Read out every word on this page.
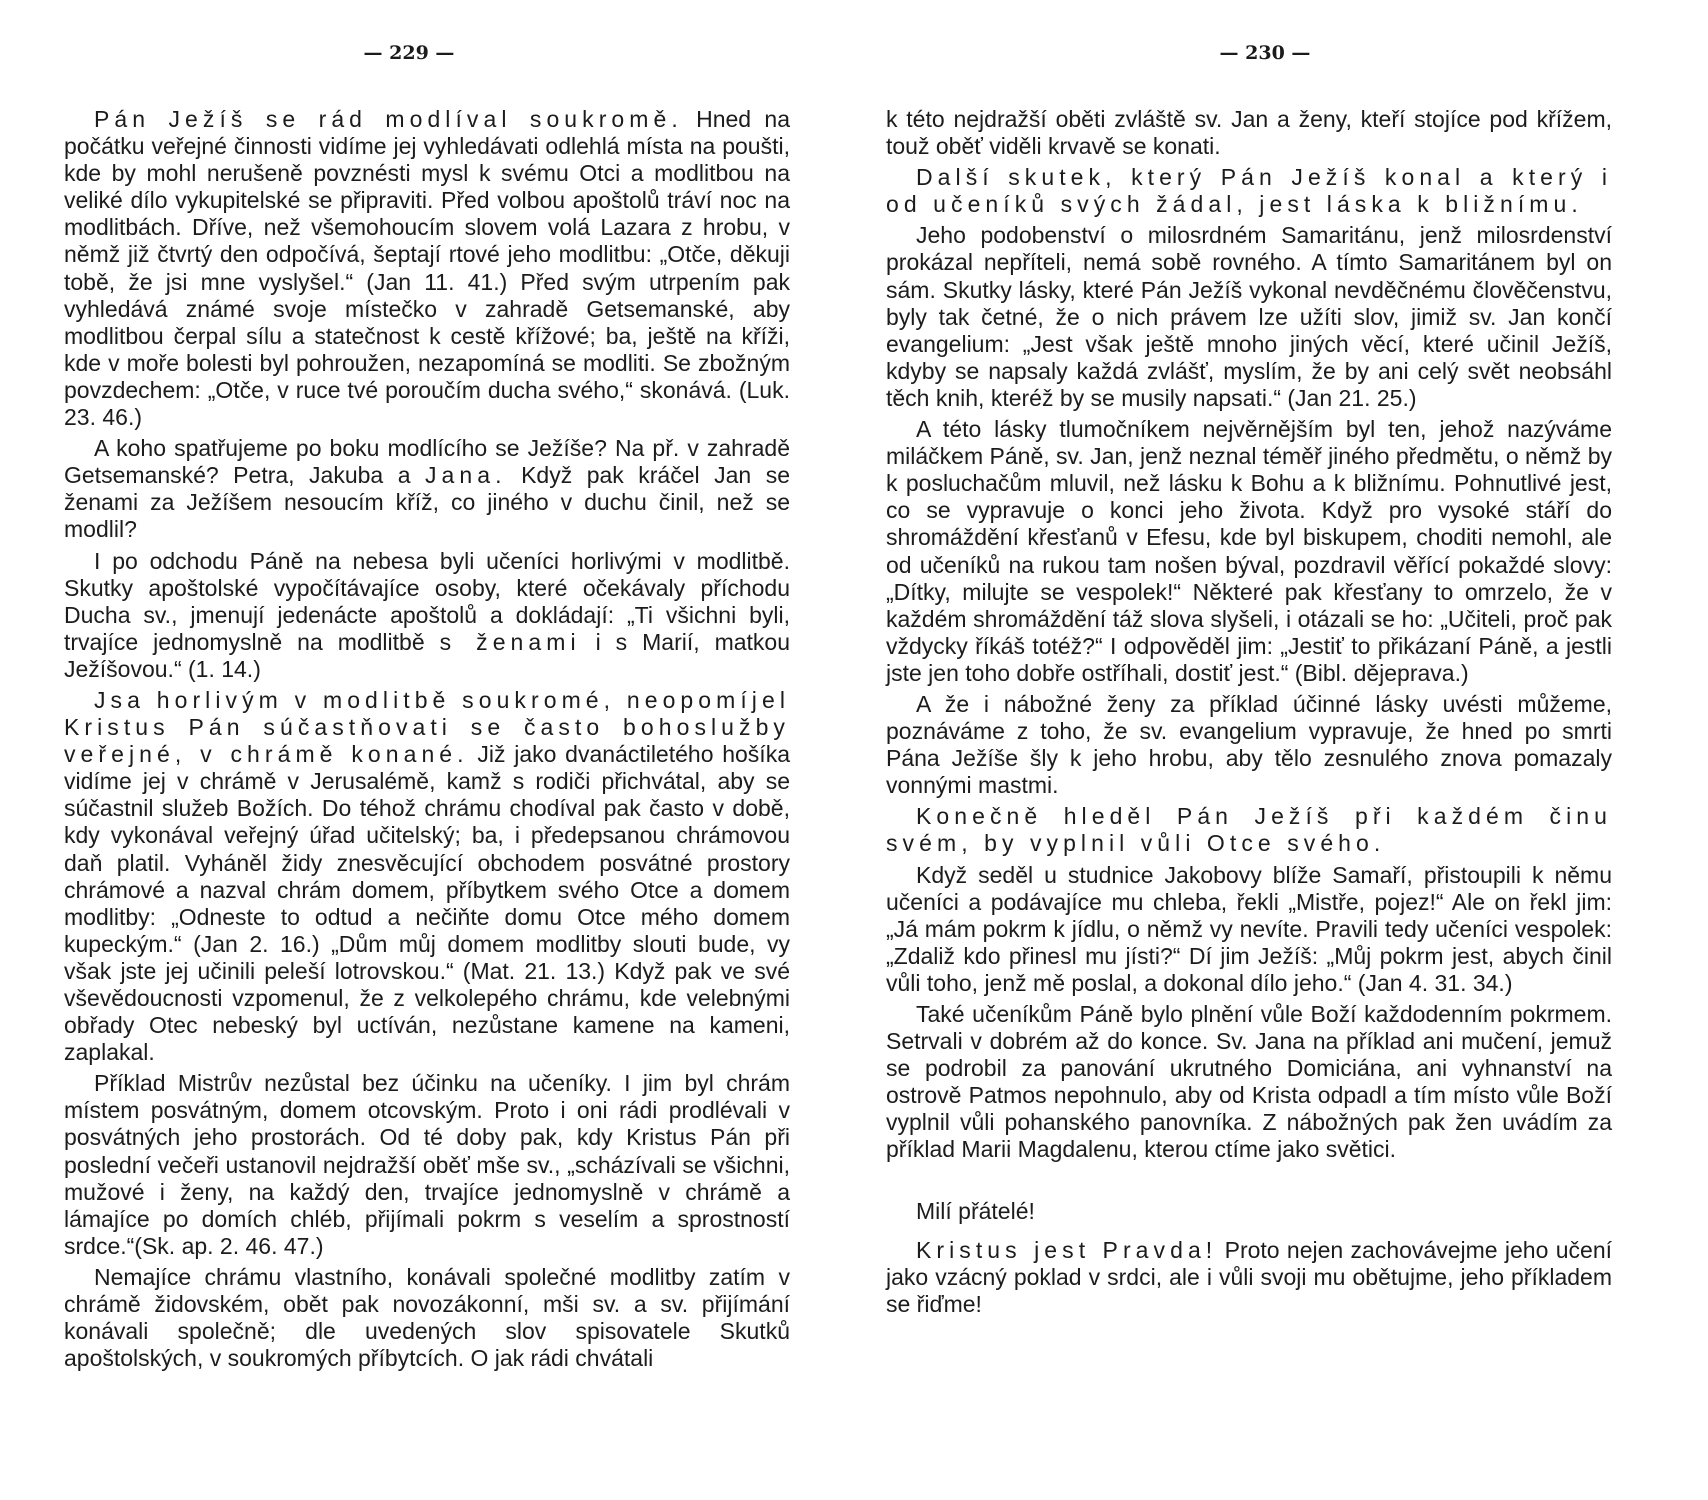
— 229 —

Pán Ježíš se rád modlíval soukromě. Hned na počátku veřejné činnosti vidíme jej vyhledávati odlehlá místa na poušti, kde by mohl nerušeně povznésti mysl k svému Otci a modlitbou na veliké dílo vykupitelské se připraviti. Před volbou apoštolů tráví noc na modlitbách. Dříve, než všemohoucím slovem volá Lazara z hrobu, v němž již čtvrtý den odpočívá, šeptají rtové jeho modlitbu: „Otče, děkuji tobě, že jsi mne vyslyšel.“ (Jan 11. 41.) Před svým utrpením pak vyhledává známé svoje místečko v zahradě Getsemanské, aby modlitbou čerpal sílu a statečnost k cestě křížové; ba, ještě na kříži, kde v moře bolesti byl pohroužen, nezapomíná se modliti. Se zbožným povzdechem: „Otče, v ruce tvé poroučím ducha svého,“ skonává. (Luk. 23. 46.)

A koho spatřujeme po boku modlícího se Ježíše? Na př. v zahradě Getsemanské? Petra, Jakuba a Jana. Když pak kráčel Jan se ženami za Ježíšem nesoucím kříž, co jiného v duchu činil, než se modlil?

I po odchodu Páně na nebesa byli učeníci horlivými v modlitbě. Skutky apoštolské vypočítávajíce osoby, které očekávaly příchodu Ducha sv., jmenují jedenácte apoštolů a dokládají: „Ti všichni byli, trvajíce jednomyslně na modlitbě s ženami i s Marií, matkou Ježíšovou.“ (1. 14.)

Jsa horlivým v modlitbě soukromé, neopomíjel Kristus Pán súčastňovati se často bohoslužby veřejné, v chrámě konané. Již jako dvanáctiletého hošíka vidíme jej v chrámě v Jerusalémě, kamž s rodiči přichvátal, aby se súčastnil služeb Božích. Do téhož chrámu chodíval pak často v době, kdy vykonával veřejný úřad učitelský; ba, i předepsanou chrámovou daň platil. Vyháněl židy znesvěcující obchodem posvátné prostory chrámové a nazval chrám domem, příbytkem svého Otce a domem modlitby: „Odneste to odtud a nečiňte domu Otce mého domem kupeckým.“ (Jan 2. 16.) „Dům můj domem modlitby slouti bude, vy však jste jej učinili peleší lotrovskou.“ (Mat. 21. 13.) Když pak ve své vševědoucnosti vzpomenul, že z velkolepého chrámu, kde velebnými obřady Otec nebeský byl uctíván, nezůstane kamene na kameni, zaplakal.

Příklad Mistrův nezůstal bez účinku na učeníky. I jim byl chrám místem posvátným, domem otcovským. Proto i oni rádi prodlévali v posvátných jeho prostorách. Od té doby pak, kdy Kristus Pán při poslední večeři ustanovil nejdražší oběť mše sv., „scházívali se všichni, mužové i ženy, na každý den, trvajíce jednomyslně v chrámě a lámajíce po domích chléb, přijímali pokrm s veselím a sprostností srdce.“(Sk. ap. 2. 46. 47.)

Nemajíce chrámu vlastního, konávali společné modlitby zatím v chrámě židovském, obět pak novozákonní, mši sv. a sv. přijímání konávali společně; dle uvedených slov spisovatele Skutků apoštolských, v soukromých příbytcích. O jak rádi chvátali

— 230 —

k této nejdražší oběti zvláště sv. Jan a ženy, kteří stojíce pod křížem, touž oběť viděli krvavě se konati.

Další skutek, který Pán Ježíš konal a který i od učeníků svých žádal, jest láska k bližnímu.

Jeho podobenství o milosrdném Samaritánu, jenž milosrdenství prokázal nepříteli, nemá sobě rovného. A tímto Samaritánem byl on sám. Skutky lásky, které Pán Ježíš vykonal nevděčnému člověčenstvu, byly tak četné, že o nich právem lze užíti slov, jimiž sv. Jan končí evangelium: „Jest však ještě mnoho jiných věcí, které učinil Ježíš, kdyby se napsaly každá zvlášť, myslím, že by ani celý svět neobsáhl těch knih, kteréž by se musily napsati.“ (Jan 21. 25.)

A této lásky tlumočníkem nejvěrnějším byl ten, jehož nazýváme miláčkem Páně, sv. Jan, jenž neznal téměř jiného předmětu, o němž by k posluchačům mluvil, než lásku k Bohu a k bližnímu. Pohnutlivé jest, co se vypravuje o konci jeho života. Když pro vysoké stáří do shromáždění křesťanů v Efesu, kde byl biskupem, choditi nemohl, ale od učeníků na rukou tam nošen býval, pozdravil věřící pokaždé slovy: „Dítky, milujte se vespolek!“ Některé pak křesťany to omrzelo, že v každém shromáždění táž slova slyšeli, i otázali se ho: „Učiteli, proč pak vždycky říkáš totéž?“ I odpověděl jim: „Jestiť to přikázaní Páně, a jestli jste jen toho dobře ostříhali, dostiť jest.“ (Bibl. dějeprava.)

A že i nábožné ženy za příklad účinné lásky uvésti můžeme, poznáváme z toho, že sv. evangelium vypravuje, že hned po smrti Pána Ježíše šly k jeho hrobu, aby tělo zesnulého znova pomazaly vonnými mastmi.

Konečně hleděl Pán Ježíš při každém činu svém, by vyplnil vůli Otce svého.

Když seděl u studnice Jakobovy blíže Samaří, přistoupili k němu učeníci a podávajíce mu chleba, řekli „Mistře, pojez!“ Ale on řekl jim: „Já mám pokrm k jídlu, o němž vy nevíte. Pravili tedy učeníci vespolek: „Zdaliž kdo přinesl mu jísti?“ Dí jim Ježíš: „Můj pokrm jest, abych činil vůli toho, jenž mě poslal, a dokonal dílo jeho.“ (Jan 4. 31. 34.)

Také učeníkům Páně bylo plnění vůle Boží každodenním pokrmem. Setrvali v dobrém až do konce. Sv. Jana na příklad ani mučení, jemuž se podrobil za panování ukrutného Domiciána, ani vyhnanství na ostrově Patmos nepohnulo, aby od Krista odpadl a tím místo vůle Boží vyplnil vůli pohanského panovníka. Z nábožných pak žen uvádím za příklad Marii Magdalenu, kterou ctíme jako světici.

Milí přátelé!

Kristus jest Pravda! Proto nejen zachovávejme jeho učení jako vzácný poklad v srdci, ale i vůli svoji mu obětujme, jeho příkladem se řiďme!
